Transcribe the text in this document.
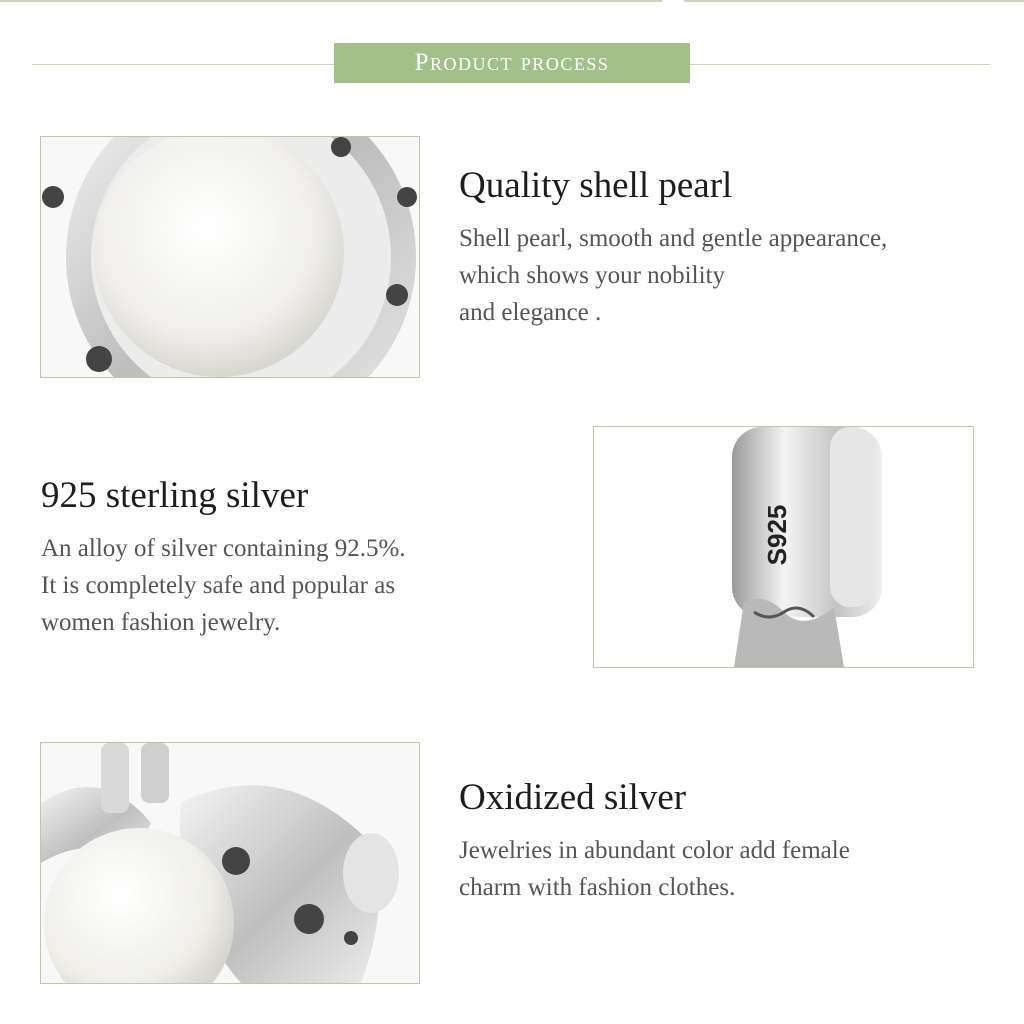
Product process
Quality shell pearl
Shell pearl, smooth and gentle appearance,
which shows your nobility
and elegance .
925 sterling silver
An alloy of silver containing 92.5%.
It is completely safe and popular as
women fashion jewelry.
S925
Oxidized silver
Jewelries in abundant color add female
charm with fashion clothes.
